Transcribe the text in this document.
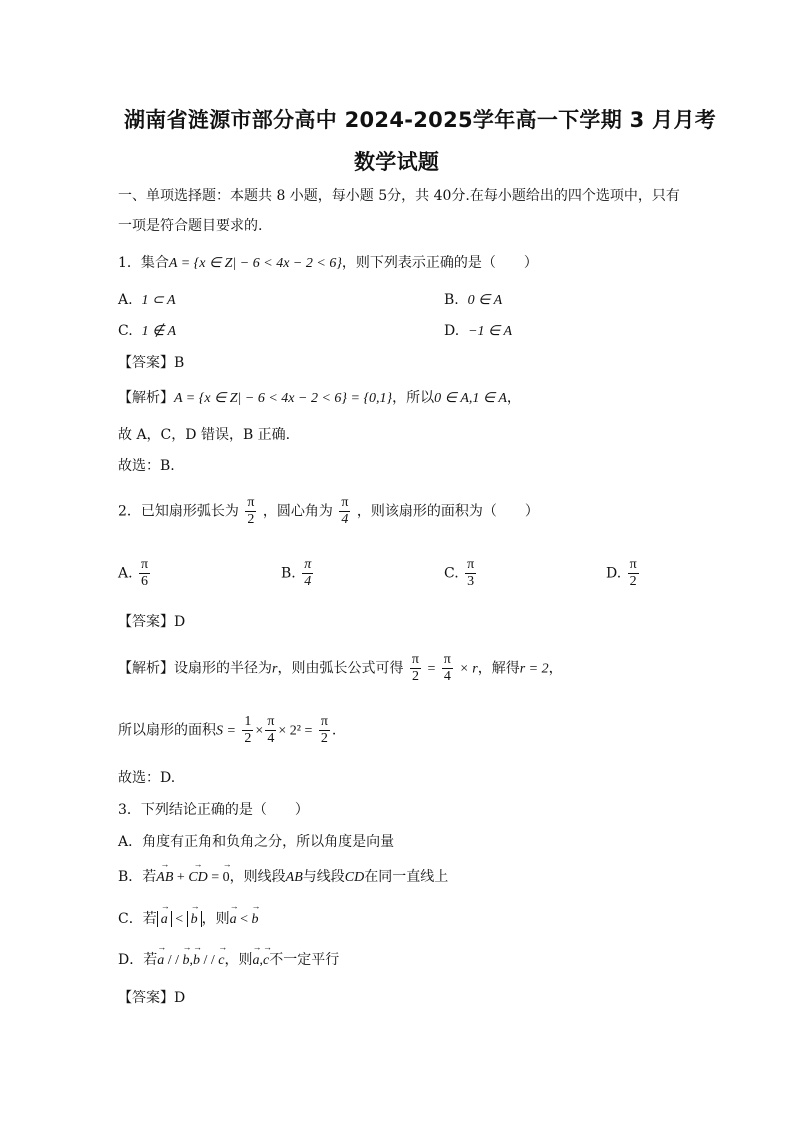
湖南省涟源市部分高中 2024-2025学年高一下学期 3 月月考
数学试题
一、单项选择题：本题共 8 小题，每小题 5分，共 40分.在每小题给出的四个选项中，只有
一项是符合题目要求的.
1．集合A = {x ∈ Z| − 6 < 4x − 2 < 6}，则下列表示正确的是（　　）
A. 1 ⊂ A	B. 0 ∈ A
C. 1 ∉ A	D. −1 ∈ A
【答案】B
【解析】A = {x ∈ Z| − 6 < 4x − 2 < 6} = {0,1}，所以0 ∈ A,1 ∈ A，
故 A，C，D 错误，B 正确.
故选：B.
2．已知扇形弧长为 $\frac{\pi}{2}$ ，圆心角为 $\frac{\pi}{4}$ ，则该扇形的面积为（　　）
A. $\frac{\pi}{6}$	B. $\frac{\pi}{4}$	C. $\frac{\pi}{3}$	D. $\frac{\pi}{2}$
【答案】D
【解析】设扇形的半径为r，则由弧长公式可得 $\frac{\pi}{2} = \frac{\pi}{4} \times r$，解得r = 2，
所以扇形的面积$S = \frac{1}{2} \times \frac{\pi}{4} \times 2^2 = \frac{\pi}{2}$ .
故选：D.
3．下列结论正确的是（　　）
A．角度有正角和负角之分，所以角度是向量
B．若→ AB + → CD = → 0，则线段AB与线段CD在同一直线上
C．若→ a < → b ，则→ a < → b
D．若→ a / / → b,→ b / / → c，则→ a,→ c不一定平行
【答案】D
